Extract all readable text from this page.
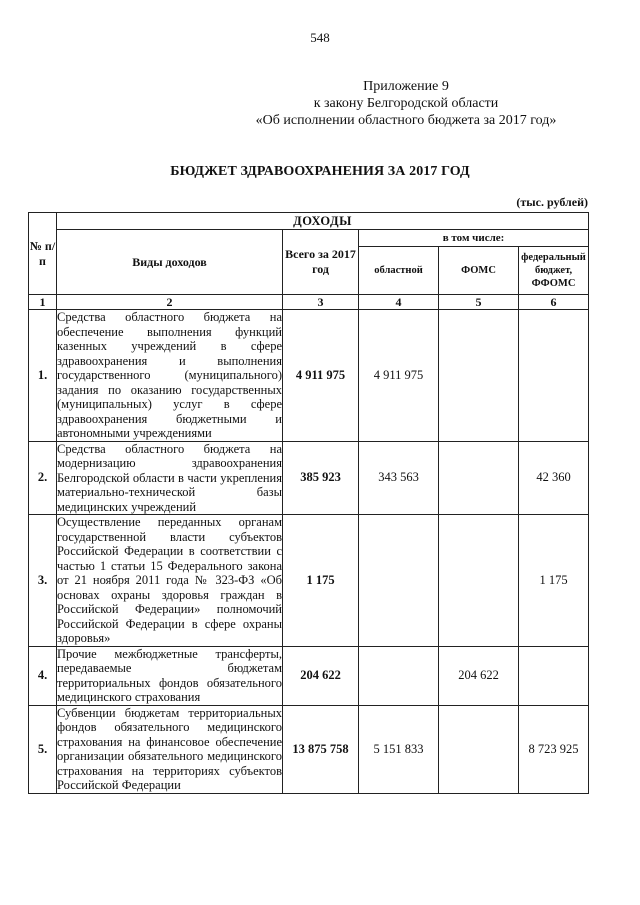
548
Приложение 9
к закону Белгородской области
«Об исполнении областного бюджета за 2017 год»
БЮДЖЕТ ЗДРАВООХРАНЕНИЯ ЗА 2017 ГОД
(тыс. рублей)
№ п/п	ДОХОДЫ				
	Виды доходов	Всего за 2017 год	в том числе:		
			областной	ФОМС	федеральный бюджет, ФФОМС
1	2	3	4	5	6
1.	Средства областного бюджета на обеспечение выполнения функций казенных учреждений в сфере здравоохранения и выполнения государственного (муниципального) задания по оказанию государственных (муниципальных) услуг в сфере здравоохранения бюджетными и автономными учреждениями	4 911 975	4 911 975		
2.	Средства областного бюджета на модернизацию здравоохранения Белгородской области в части укрепления материально-технической базы медицинских учреждений	385 923	343 563		42 360
3.	Осуществление переданных органам государственной власти субъектов Российской Федерации в соответствии с частью 1 статьи 15 Федерального закона от 21 ноября 2011 года № 323-ФЗ «Об основах охраны здоровья граждан в Российской Федерации» полномочий Российской Федерации в сфере охраны здоровья»	1 175			1 175
4.	Прочие межбюджетные трансферты, передаваемые бюджетам территориальных фондов обязательного медицинского страхования	204 622		204 622	
5.	Субвенции бюджетам территориальных фондов обязательного медицинского страхования на финансовое обеспечение организации обязательного медицинского страхования на территориях субъектов Российской Федерации	13 875 758	5 151 833		8 723 925
